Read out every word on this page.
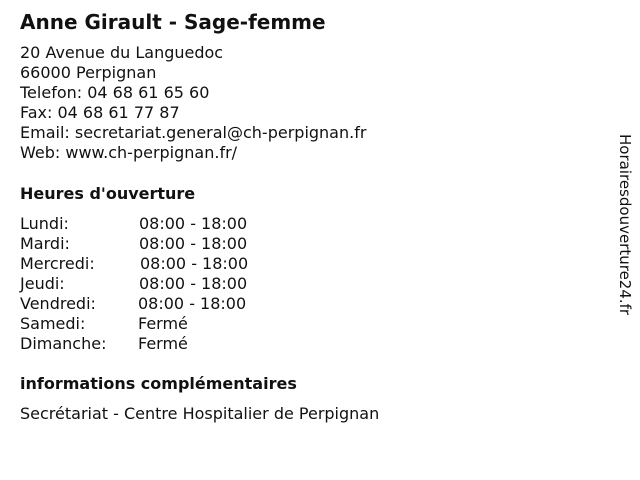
Anne Girault - Sage-femme
20 Avenue du Languedoc
66000 Perpignan
Telefon: 04 68 61 65 60
Fax: 04 68 61 77 87
Email: secretariat.general@ch-perpignan.fr
Web: www.ch-perpignan.fr/
Heures d'ouverture
Lundi:	08:00 - 18:00
Mardi:	08:00 - 18:00
Mercredi:	08:00 - 18:00
Jeudi:	08:00 - 18:00
Vendredi:	08:00 - 18:00
Samedi:	Fermé
Dimanche: Fermé
informations complémentaires
Secrétariat - Centre Hospitalier de Perpignan
Horairesdouverture24.fr
